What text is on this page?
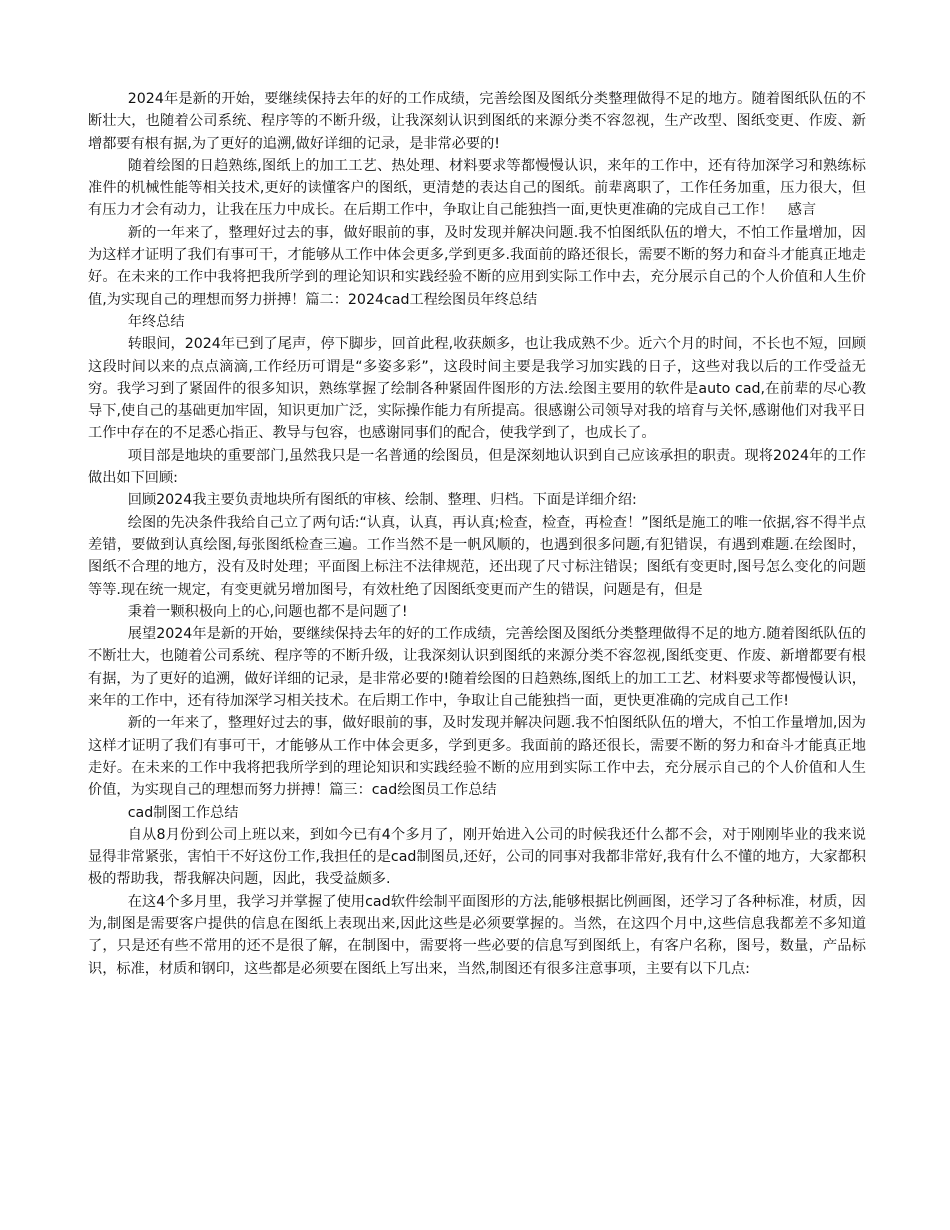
2024年是新的开始，要继续保持去年的好的工作成绩，完善绘图及图纸分类整理做得不足的地方。随着图纸队伍的不断壮大，也随着公司系统、程序等的不断升级，让我深刻认识到图纸的来源分类不容忽视，生产改型、图纸变更、作废、新增都要有根有据,为了更好的追溯,做好详细的记录，是非常必要的!

随着绘图的日趋熟练,图纸上的加工工艺、热处理、材料要求等都慢慢认识，来年的工作中，还有待加深学习和熟练标准件的机械性能等相关技术,更好的读懂客户的图纸，更清楚的表达自己的图纸。前辈离职了，工作任务加重，压力很大，但有压力才会有动力，让我在压力中成长。在后期工作中，争取让自己能独挡一面,更快更准确的完成自己工作！　感言

新的一年来了，整理好过去的事，做好眼前的事，及时发现并解决问题.我不怕图纸队伍的增大，不怕工作量增加，因为这样才证明了我们有事可干，才能够从工作中体会更多,学到更多.我面前的路还很长，需要不断的努力和奋斗才能真正地走好。在未来的工作中我将把我所学到的理论知识和实践经验不断的应用到实际工作中去，充分展示自己的个人价值和人生价值,为实现自己的理想而努力拼搏！篇二：2024cad工程绘图员年终总结

年终总结

转眼间，2024年已到了尾声，停下脚步，回首此程,收获颇多，也让我成熟不少。近六个月的时间，不长也不短，回顾这段时间以来的点点滴滴,工作经历可谓是“多姿多彩”，这段时间主要是我学习加实践的日子，这些对我以后的工作受益无穷。我学习到了紧固件的很多知识，熟练掌握了绘制各种紧固件图形的方法.绘图主要用的软件是auto cad,在前辈的尽心教导下,使自己的基础更加牢固，知识更加广泛，实际操作能力有所提高。很感谢公司领导对我的培育与关怀,感谢他们对我平日工作中存在的不足悉心指正、教导与包容，也感谢同事们的配合，使我学到了，也成长了。

项目部是地块的重要部门,虽然我只是一名普通的绘图员，但是深刻地认识到自己应该承担的职责。现将2024年的工作做出如下回顾:

回顾2024我主要负责地块所有图纸的审核、绘制、整理、归档。下面是详细介绍:

绘图的先决条件我给自己立了两句话:“认真，认真，再认真;检查，检查，再检查！”图纸是施工的唯一依据,容不得半点差错，要做到认真绘图,每张图纸检查三遍。工作当然不是一帆风顺的，也遇到很多问题,有犯错误，有遇到难题.在绘图时，图纸不合理的地方，没有及时处理；平面图上标注不法律规范，还出现了尺寸标注错误；图纸有变更时,图号怎么变化的问题等等.现在统一规定，有变更就另增加图号，有效杜绝了因图纸变更而产生的错误，问题是有，但是

秉着一颗积极向上的心,问题也都不是问题了!

展望2024年是新的开始，要继续保持去年的好的工作成绩，完善绘图及图纸分类整理做得不足的地方.随着图纸队伍的不断壮大，也随着公司系统、程序等的不断升级，让我深刻认识到图纸的来源分类不容忽视,图纸变更、作废、新增都要有根有据，为了更好的追溯，做好详细的记录，是非常必要的!随着绘图的日趋熟练,图纸上的加工工艺、材料要求等都慢慢认识，来年的工作中，还有待加深学习相关技术。在后期工作中，争取让自己能独挡一面，更快更准确的完成自己工作!

新的一年来了，整理好过去的事，做好眼前的事，及时发现并解决问题.我不怕图纸队伍的增大，不怕工作量增加,因为这样才证明了我们有事可干，才能够从工作中体会更多，学到更多。我面前的路还很长，需要不断的努力和奋斗才能真正地走好。在未来的工作中我将把我所学到的理论知识和实践经验不断的应用到实际工作中去，充分展示自己的个人价值和人生价值，为实现自己的理想而努力拼搏！篇三：cad绘图员工作总结

cad制图工作总结

自从8月份到公司上班以来，到如今已有4个多月了，刚开始进入公司的时候我还什么都不会，对于刚刚毕业的我来说显得非常紧张，害怕干不好这份工作,我担任的是cad制图员,还好，公司的同事对我都非常好,我有什么不懂的地方，大家都积极的帮助我，帮我解决问题，因此，我受益颇多.

在这4个多月里，我学习并掌握了使用cad软件绘制平面图形的方法,能够根据比例画图，还学习了各种标准，材质，因为,制图是需要客户提供的信息在图纸上表现出来,因此这些是必须要掌握的。当然，在这四个月中,这些信息我都差不多知道了，只是还有些不常用的还不是很了解，在制图中，需要将一些必要的信息写到图纸上，有客户名称，图号，数量，产品标识，标准，材质和钢印，这些都是必须要在图纸上写出来，当然,制图还有很多注意事项，主要有以下几点:
